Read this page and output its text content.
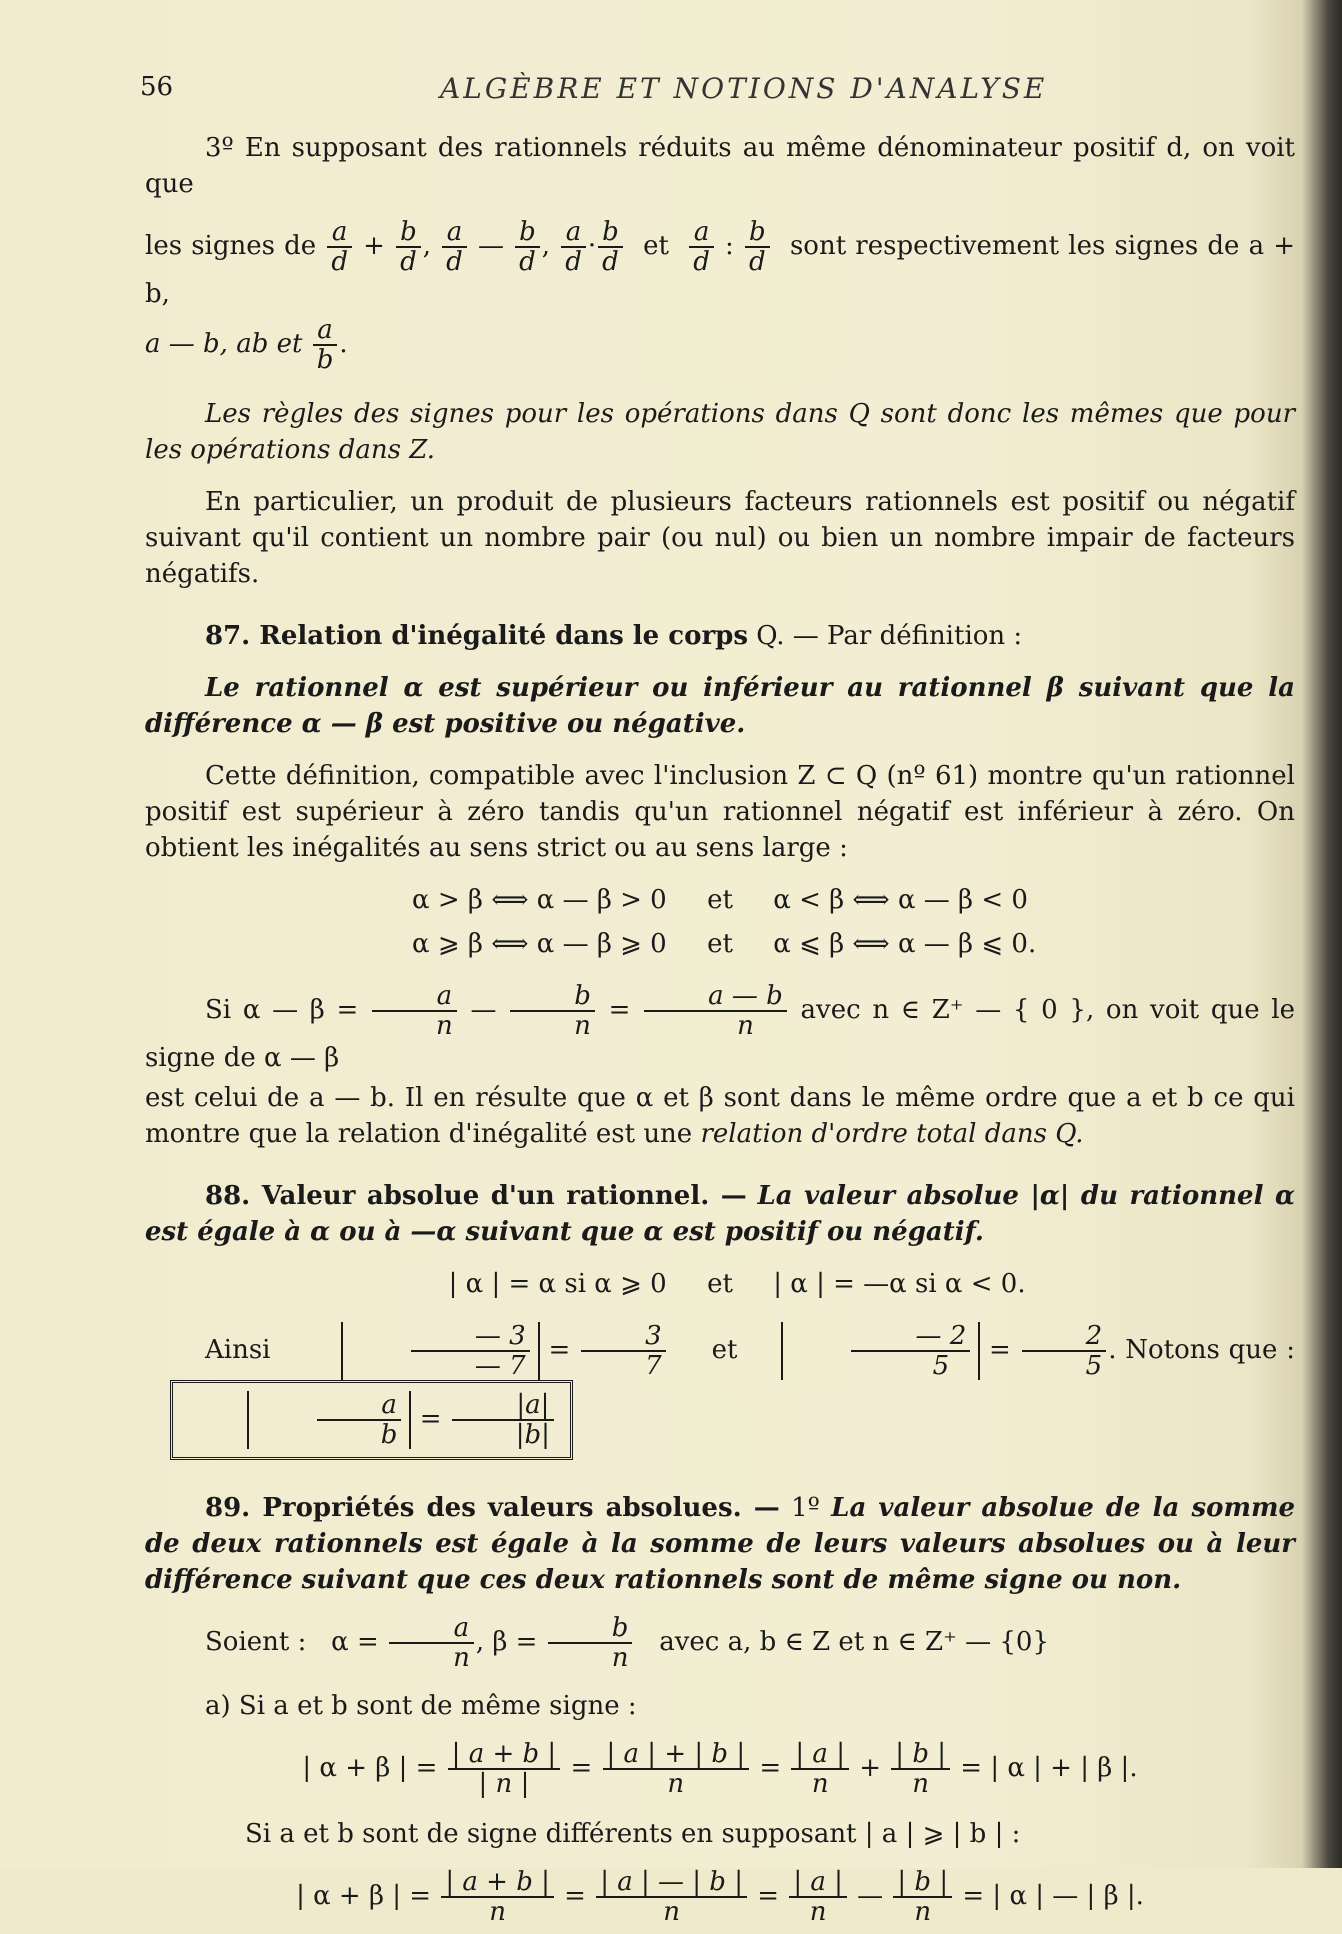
56	ALGÈBRE ET NOTIONS D'ANALYSE

3º En supposant des rationnels réduits au même dénominateur positif d, on voit que

les signes de $\frac{a}{d} + \frac{b}{d}$ , $\frac{a}{d}$ — $\frac{b}{d}$ , $\frac{a}{d} \cdot \frac{b}{d}$ et $\frac{a}{d}$ : $\frac{b}{d}$ sont respectivement les signes de a + b,

a — b, ab et $\frac{a}{b}$ .

Les règles des signes pour les opérations dans Q sont donc les mêmes que pour les opérations dans Z.

En particulier, un produit de plusieurs facteurs rationnels est positif ou négatif suivant qu'il contient un nombre pair (ou nul) ou bien un nombre impair de facteurs négatifs.

87. Relation d'inégalité dans le corps Q. — Par définition :

Le rationnel α est supérieur ou inférieur au rationnel β suivant que la différence α — β est positive ou négative.

Cette définition, compatible avec l'inclusion Z ⊂ Q (nº 61) montre qu'un rationnel positif est supérieur à zéro tandis qu'un rationnel négatif est inférieur à zéro. On obtient les inégalités au sens strict ou au sens large :

α > β ⟺ α — β > 0 et α < β ⟺ α — β < 0
α ⩾ β ⟺ α — β ⩾ 0 et α ⩽ β ⟺ α — β ⩽ 0.

Si α — $\beta = \frac{a}{n}$ — $\frac{b}{n} = \frac{a — b}{n}$ avec n ∈ Z⁺ — { 0 }, on voit que le signe de α — β

est celui de a — b. Il en résulte que α et β sont dans le même ordre que a et b ce qui montre que la relation d'inégalité est une relation d'ordre total dans Q.

88. Valeur absolue d'un rationnel. — La valeur absolue |α| du rationnel α est égale à α ou à —α suivant que α est positif ou négatif.

| α | = α si α ⩾ 0 et | α | = —α si α < 0.

Ainsi	$\frac{— 3}{— 7} = \frac{3}{7}$ et	$\frac{— 2}{5} = \frac{2}{5}$ . Notons que :
$\frac{a}{b} = \frac{|a|}{|b|}$

89. Propriétés des valeurs absolues. — 1º La valeur absolue de la somme de deux rationnels est égale à la somme de leurs valeurs absolues ou à leur différence suivant que ces deux rationnels sont de même signe ou non.

Soient :   $\alpha = \frac{a}{n}$ , $\beta = \frac{b}{n}$ avec a, b ∈ Z et n ∈ Z⁺ — {0}

a) Si a et b sont de même signe :

| α + β | = $\frac{| a + b |}{| n |} = \frac{| a | + | b |}{n} = \frac{| a |}{n} + \frac{| b |}{n}$ = | α | + | β |.

Si a et b sont de signe différents en supposant | a | ⩾ | b | :

| α + β | = $\frac{| a + b |}{n} = \frac{| a | — | b |}{n} = \frac{| a |}{n}$ — $\frac{| b |}{n}$ = | α | — | β |.
